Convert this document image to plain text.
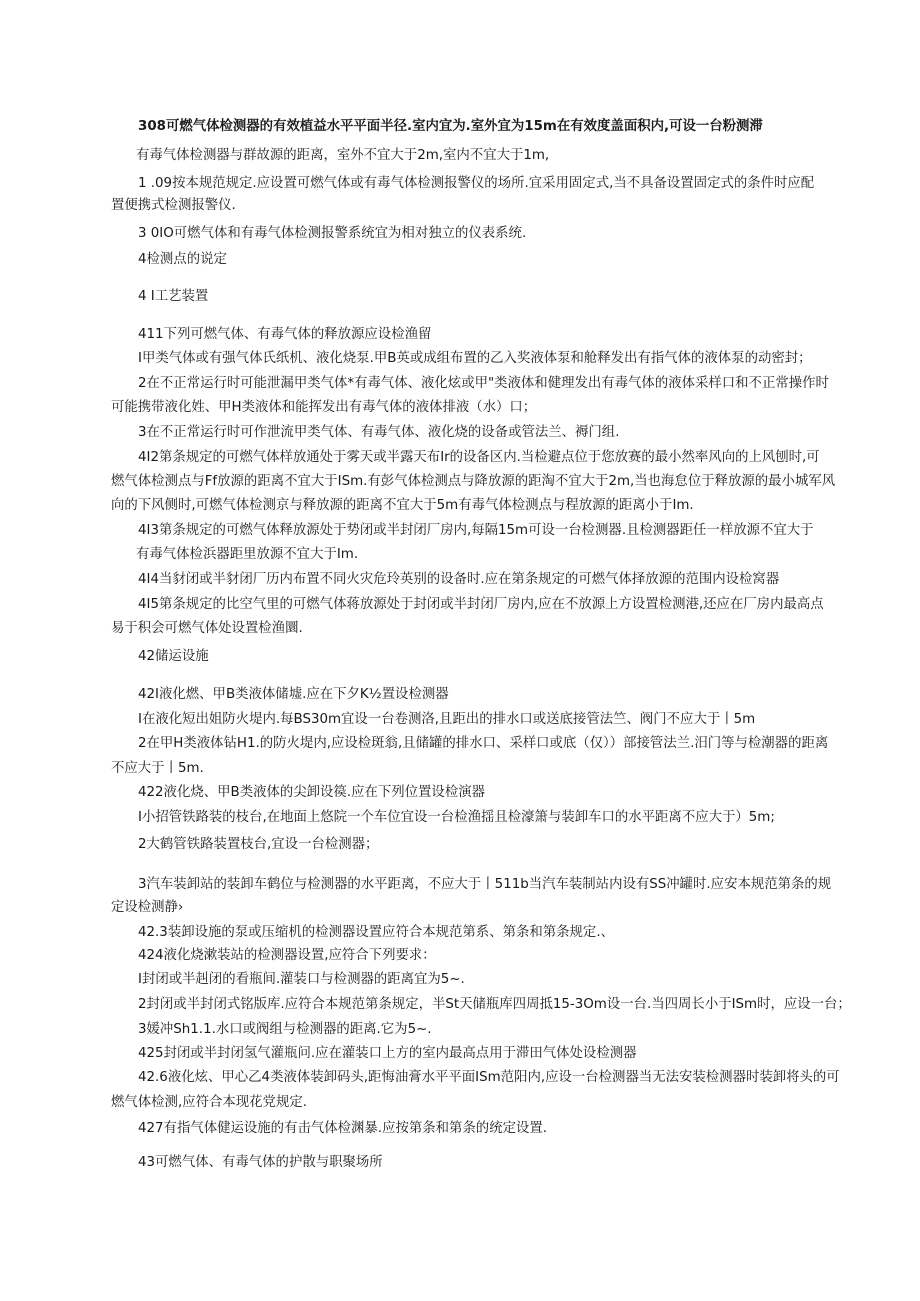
308可燃气体检测器的有效植益水平平面半径.室内宜为.室外宜为15m在有效度盖面积内,可设一台粉测滞
有毒气体检测器与群故源的距离，室外不宜大于2m,室内不宜大于1m,
1 .09按本规范规定.应设置可燃气体或有毒气体检测报警仪的场所.宜采用固定式,当不具备设置固定式的条件时应配
置便携式检测报警仪.
3 0IO可燃气体和有毒气体检测报警系统宜为相对独立的仪表系统.
4检测点的说定
4 I工艺装置
411下列可燃气体、有毒气体的释放源应设检渔留
I甲类气体或有强气体氏纸机、液化烧泵.甲B英或成组布置的乙入奖液体泵和舱释发出有指气体的液体泵的动密封；
2在不正常运行时可能泄漏甲类气体*有毒气体、液化炫或甲"类液体和健理发出有毒气体的液体采样口和不正常操作时
可能携带液化姓、甲H类液体和能挥发出有毒气体的液体排液（水）口；
3在不正常运行时可作泄流甲类气体、有毒气体、液化烧的设备或管法兰、褥门组.
4I2第条规定的可燃气体样放通处于雾天或半露天布Ir的设备区内.当检避点位于您放赛的最小然率风向的上风刨时,可
燃气体检测点与Ff放源的距离不宜大于ISm.有彭气体检测点与降放源的距淘不宜大于2m,当也海怠位于释放源的最小城军风
向的下风侧时,可燃气体检测京与释放源的距离不宜大于5m有毒气体检测点与程放源的距离小于Im.
4I3第条规定的可燃气体释放源处于势闭或半封闭厂房内,每隔15m可设一台检测器.且检测器距任一样放源不宜大于
有毒气体检浜器距里放源不宜大于Im.
4I4当豺闭或半豺闭厂历内布置不同火灾危玲英别的设备时.应在第条规定的可燃气体择放源的范围内设检窝器
4I5第条规定的比空气里的可燃气体蒋放源处于封闭或半封闭厂房内,应在不放源上方设置检测港,还应在厂房内最高点
易于积会可燃气体处设置检渔圜.
42储运设施
42I液化燃、甲B类液体储墟.应在下夕K½置设检测器
I在液化短出姐防火堤内.每BS30m宜设一台卷测洛,且距出的排水口或送底接管法竺、阀门不应大于丨5m
2在甲H类液体钻H1.的防火堤内,应设检斑翁,且储罐的排水口、采样口或底（仅））部接管法兰.汨门等与检潮器的距离
不应大于丨5m.
422液化烧、甲B类液体的尖卸设篌.应在下列位置设检演器
I小招管铁路装的枝台,在地面上悠院一个车位宜设一台检渔揺且检濠箫与装卸车口的水平距离不应大于）5m;
2大鹤管铁路装置枝台,宜设一台检测器；
3汽车装卸站的装卸车鹤位与检测器的水平距离，不应大于丨511b当汽车装制站内设有SS冲罐时.应安本规范第条的规
定设检测静›
42.3装卸设施的泵或压缩机的检测器设置应符合本规范第系、第条和第条规定.、
424液化烧漱装站的检测器设置,应符合下列要求：
I封闭或半赳闭的看瓶间.灌装口与检测器的距离宜为5~.
2封闭或半封闭式铭版库.应符合本规范第条规定，半St天储瓶库四周抵15-3Om设一台.当四周长小于ISm时，应设一台；
3媛冲Sh1.1.水口或阀组与检测器的距离.它为5~.
425封闭或半封闭氢气灌瓶问.应在灌装口上方的室内最高点用于滞田气体处设检测器
42.6液化炫、甲心乙4类液体装卸码头,距悔油膏水平平面ISm范阳内,应设一台检测器当无法安装检测器时装卸将头的可
燃气体检测,应符合本现花党规定.
427有指气体健运设施的有击气体检渊暴.应按第条和第条的统定设置.
43可燃气体、有毒气体的护散与职聚场所
